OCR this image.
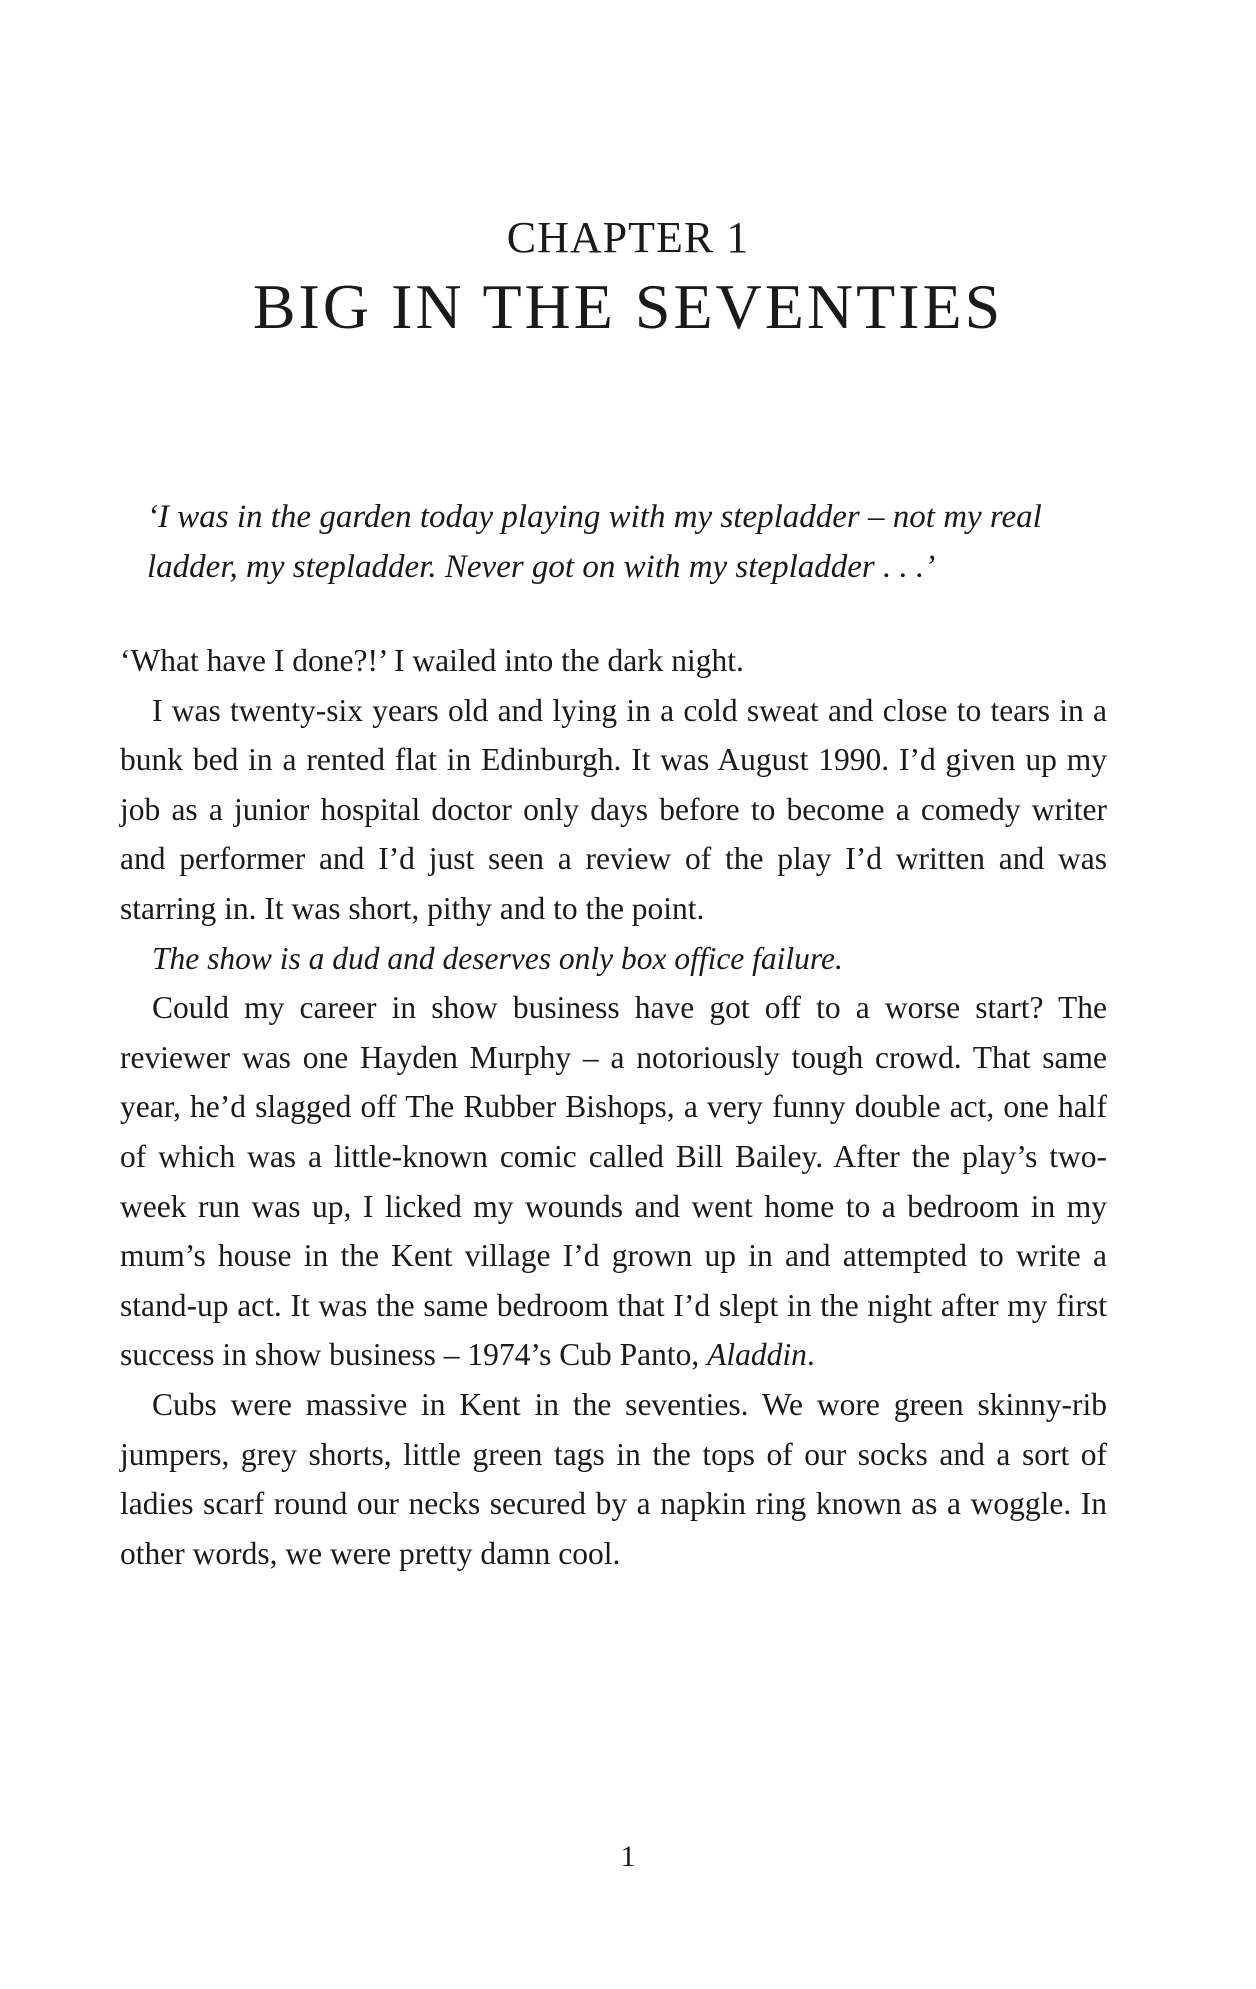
CHAPTER 1
BIG IN THE SEVENTIES

‘I was in the garden today playing with my stepladder – not my real ladder, my stepladder. Never got on with my stepladder . . .’

‘What have I done?!’ I wailed into the dark night.

I was twenty-six years old and lying in a cold sweat and close to tears in a bunk bed in a rented flat in Edinburgh. It was August 1990. I’d given up my job as a junior hospital doctor only days before to become a comedy writer and performer and I’d just seen a review of the play I’d written and was starring in. It was short, pithy and to the point.

The show is a dud and deserves only box office failure.

Could my career in show business have got off to a worse start? The reviewer was one Hayden Murphy – a notoriously tough crowd. That same year, he’d slagged off The Rubber Bishops, a very funny double act, one half of which was a little-known comic called Bill Bailey. After the play’s two-week run was up, I licked my wounds and went home to a bedroom in my mum’s house in the Kent village I’d grown up in and attempted to write a stand-up act. It was the same bedroom that I’d slept in the night after my first success in show business – 1974’s Cub Panto, Aladdin.

Cubs were massive in Kent in the seventies. We wore green skinny-rib jumpers, grey shorts, little green tags in the tops of our socks and a sort of ladies scarf round our necks secured by a napkin ring known as a woggle. In other words, we were pretty damn cool.

1
